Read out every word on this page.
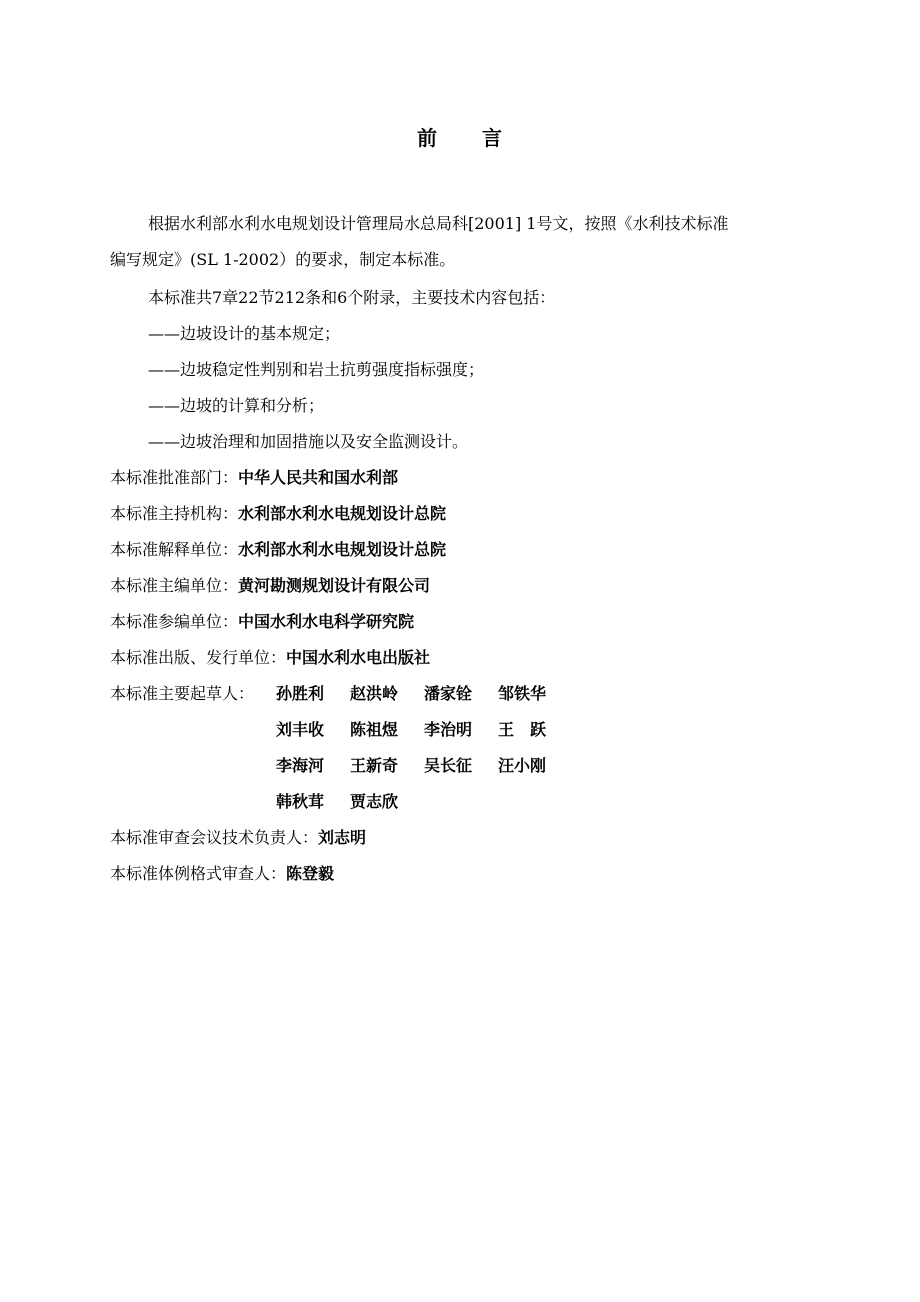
前 言
根据水利部水利水电规划设计管理局水总局科[2001] 1号文，按照《水利技术标准
编写规定》(SL 1-2002）的要求，制定本标准。
本标准共7章22节212条和6个附录，主要技术内容包括：
——边坡设计的基本规定；
——边坡稳定性判别和岩土抗剪强度指标强度；
——边坡的计算和分析；
——边坡治理和加固措施以及安全监测设计。
本标准批准部门：中华人民共和国水利部
本标准主持机构：水利部水利水电规划设计总院
本标准解释单位：水利部水利水电规划设计总院
本标准主编单位：黄河勘测规划设计有限公司
本标准参编单位：中国水利水电科学研究院
本标准出版、发行单位：中国水利水电出版社
本标准主要起草人： 孙胜利 赵洪岭 潘家铨 邹铁华
刘丰收 陈祖煜 李治明 王　跃
李海河 王新奇 吴长征 汪小刚
韩秋茸 贾志欣
本标准审查会议技术负责人：刘志明
本标准体例格式审查人：陈登毅
